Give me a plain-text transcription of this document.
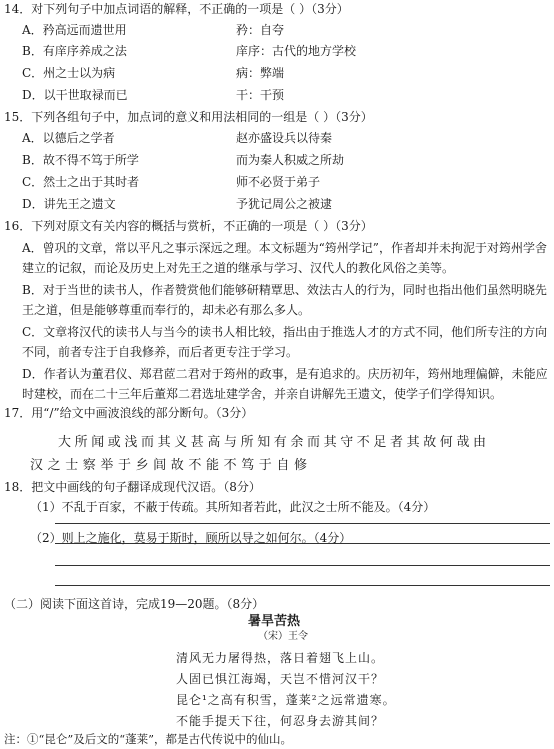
14．对下列句子中加点词语的解释，不正确的一项是（ ）（3分）
A．矜高远而遗世用	矜：自夸
B．有庠序养成之法	庠序：古代的地方学校
C．州之士以为病	病：弊端
D．以干世取禄而已	干：干预
15．下列各组句子中，加点词的意义和用法相同的一组是（ ）（3分）
A．以德后之学者	赵亦盛设兵以待秦
B．故不得不笃于所学	而为秦人积威之所劫
C．然士之出于其时者	师不必贤于弟子
D．讲先王之遗文	予犹记周公之被逮
16．下列对原文有关内容的概括与赏析，不正确的一项是（ ）（3分）
A．曾巩的文章，常以平凡之事示深远之理。本文标题为“筠州学记”，作者却并未拘泥于对筠州学舍建立的记叙，而论及历史上对先王之道的继承与学习、汉代人的教化风俗之美等。
B．对于当世的读书人，作者赞赏他们能够研精覃思、效法古人的行为，同时也指出他们虽然明晓先王之道，但是能够尊重而奉行的，却未必有那么多人。
C．文章将汉代的读书人与当今的读书人相比较，指出由于推选人才的方式不同，他们所专注的方向不同，前者专注于自我修养，而后者更专注于学习。
D．作者认为董君仪、郑君茝二君对于筠州的政事，是有追求的。庆历初年，筠州地理偏僻，未能应时建校，而在二十三年后董郑二君选址建学舍，并亲自讲解先王遗文，使学子们学得知识。
17．用“/”给文中画波浪线的部分断句。（3分）
大所闻或浅而其义甚高与所知有余而其守不足者其故何哉由
汉之士察举于乡闾故不能不笃于自修
18．把文中画线的句子翻译成现代汉语。（8分）
（1）不乱于百家，不蔽于传疏。其所知者若此，此汉之士所不能及。（4分）
（2）则上之施化，莫易于斯时，顾所以导之如何尔。（4分）
（二）阅读下面这首诗，完成19—20题。（8分）
暑旱苦热
（宋）王令
清风无力屠得热，落日着翅飞上山。
人固已惧江海竭，天岂不惜河汉干？
昆仑¹之高有积雪，蓬莱²之远常遗寒。
不能手提天下往，何忍身去游其间？
注：①“昆仑”及后文的“蓬莱”，都是古代传说中的仙山。
